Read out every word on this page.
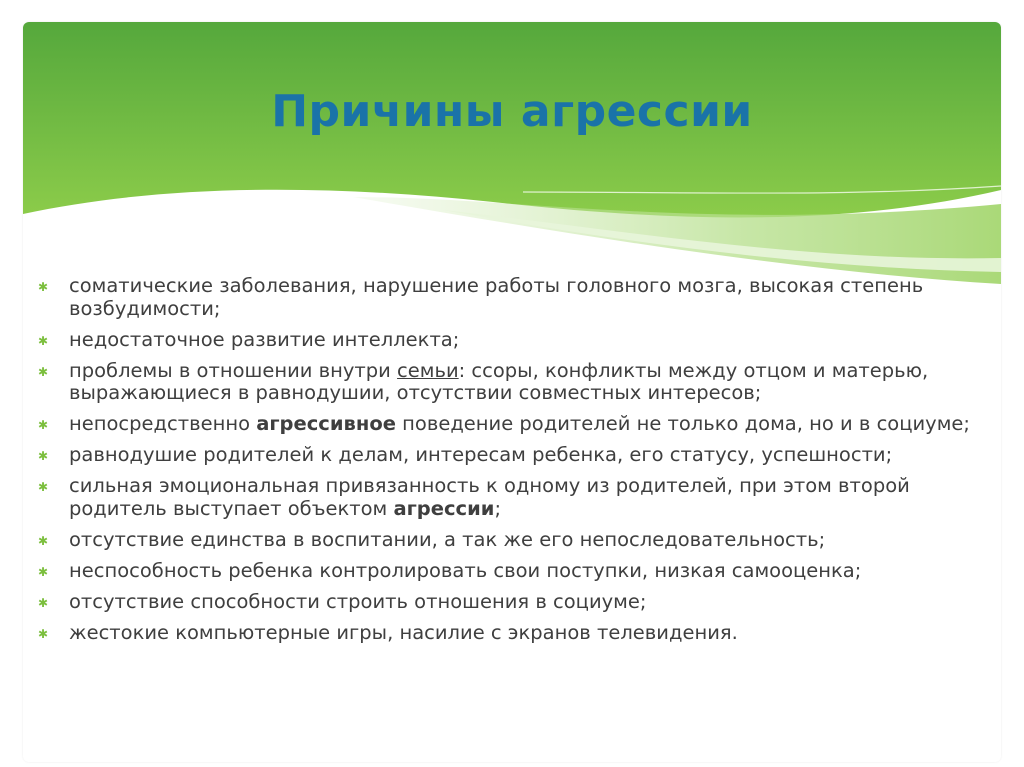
Причины агрессии
✱ соматические заболевания, нарушение работы головного мозга, высокая степень возбудимости;
✱ недостаточное развитие интеллекта;
✱ проблемы в отношении внутри семьи: ссоры, конфликты между отцом и матерью, выражающиеся в равнодушии, отсутствии совместных интересов;
✱ непосредственно агрессивное поведение родителей не только дома, но и в социуме;
✱ равнодушие родителей к делам, интересам ребенка, его статусу, успешности;
✱ сильная эмоциональная привязанность к одному из родителей, при этом второй родитель выступает объектом агрессии;
✱ отсутствие единства в воспитании, а так же его непоследовательность;
✱ неспособность ребенка контролировать свои поступки, низкая самооценка;
✱ отсутствие способности строить отношения в социуме;
✱ жестокие компьютерные игры, насилие с экранов телевидения.
